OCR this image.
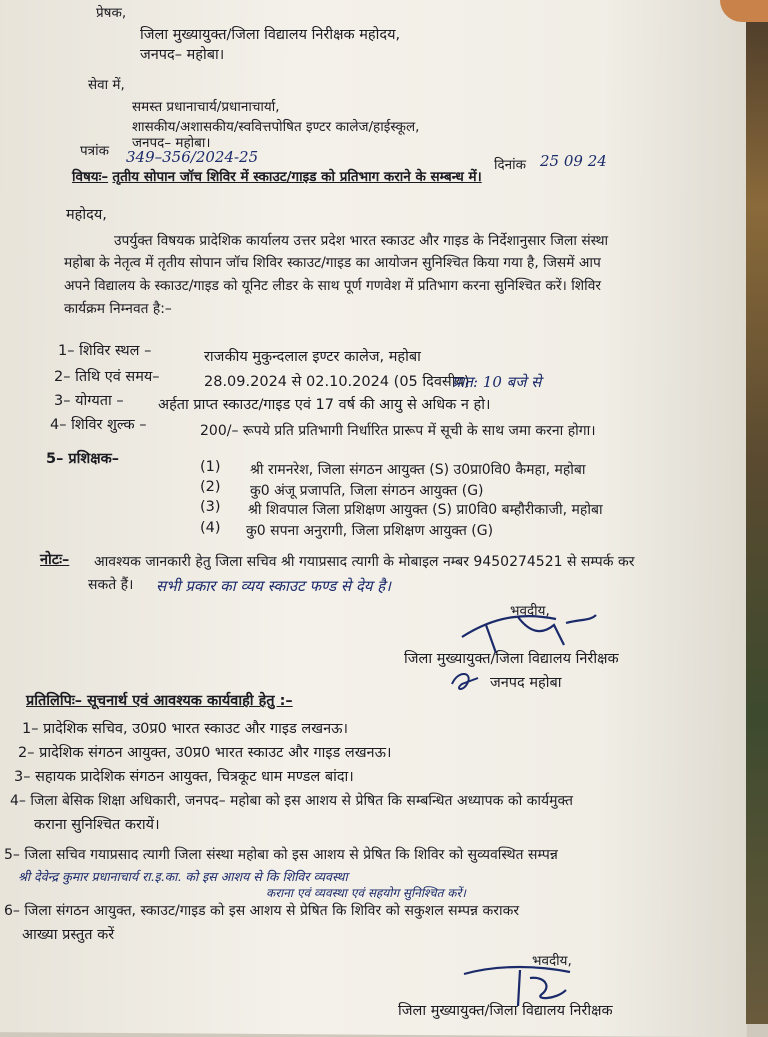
प्रेषक,
जिला मुख्यायुक्त/जिला विद्यालय निरीक्षक महोदय,
जनपद– महोबा।
सेवा में,
समस्त प्रधानाचार्य/प्रधानाचार्या,
शासकीय/अशासकीय/स्ववित्तपोषित इण्टर कालेज/हाईस्कूल,
जनपद– महोबा।
पत्रांक 349–356/2024-25	दिनांक 25 09 24
विषयः– तृतीय सोपान जॉच शिविर में स्काउट/गाइड को प्रतिभाग कराने के सम्बन्ध में।
महोदय,
उपर्युक्त विषयक प्रादेशिक कार्यालय उत्तर प्रदेश भारत स्काउट और गाइड के निर्देशानुसार जिला संस्था
महोबा के नेतृत्व में तृतीय सोपान जॉच शिविर स्काउट/गाइड का आयोजन सुनिश्चित किया गया है, जिसमें आप
अपने विद्यालय के स्काउट/गाइड को यूनिट लीडर के साथ पूर्ण गणवेश में प्रतिभाग करना सुनिश्चित करें। शिविर
कार्यक्रम निम्नवत है:–
1– शिविर स्थल –	राजकीय मुकुन्दलाल इण्टर कालेज, महोबा
2– तिथि एवं समय–	28.09.2024 से 02.10.2024 (05 दिवसीय)
प्रात: 10 बजे से
3– योग्यता – अर्हता प्राप्त स्काउट/गाइड एवं 17 वर्ष की आयु से अधिक न हो।
4– शिविर शुल्क –	200/– रूपये प्रति प्रतिभागी निर्धारित प्रारूप में सूची के साथ जमा करना होगा।
5– प्रशिक्षक–	(1) श्री रामनरेश, जिला संगठन आयुक्त (S) उ0प्रा0वि0 कैमहा, महोबा
(2) कु0 अंजू प्रजापति, जिला संगठन आयुक्त (G)
(3) श्री शिवपाल जिला प्रशिक्षण आयुक्त (S) प्रा0वि0 बम्हौरीकाजी, महोबा
(4) कु0 सपना अनुरागी, जिला प्रशिक्षण आयुक्त (G)
नोटः– आवश्यक जानकारी हेतु जिला सचिव श्री गयाप्रसाद त्यागी के मोबाइल नम्बर 9450274521 से सम्पर्क कर
सकते हैं। सभी प्रकार का व्यय स्काउट फण्ड से देय है।
भवदीय,
जिला मुख्यायुक्त/जिला विद्यालय निरीक्षक
जनपद महोबा
प्रतिलिपिः– सूचनार्थ एवं आवश्यक कार्यवाही हेतु :–
1– प्रादेशिक सचिव, उ0प्र0 भारत स्काउट और गाइड लखनऊ।
2– प्रादेशिक संगठन आयुक्त, उ0प्र0 भारत स्काउट और गाइड लखनऊ।
3– सहायक प्रादेशिक संगठन आयुक्त, चित्रकूट धाम मण्डल बांदा।
4– जिला बेसिक शिक्षा अधिकारी, जनपद– महोबा को इस आशय से प्रेषित कि सम्बन्धित अध्यापक को कार्यमुक्त
कराना सुनिश्चित करायें।
5– जिला सचिव गयाप्रसाद त्यागी जिला संस्था महोबा को इस आशय से प्रेषित कि शिविर को सुव्यवस्थित सम्पन्न
श्री देवेन्द्र कुमार प्रधानाचार्य रा.इ.का. को इस आशय से कि शिविर व्यवस्था
कराना एवं व्यवस्था एवं सहयोग सुनिश्चित करें।
6– जिला संगठन आयुक्त, स्काउट/गाइड को इस आशय से प्रेषित कि शिविर को सकुशल सम्पन्न कराकर
आख्या प्रस्तुत करें
भवदीय,
जिला मुख्यायुक्त/जिला विद्यालय निरीक्षक
